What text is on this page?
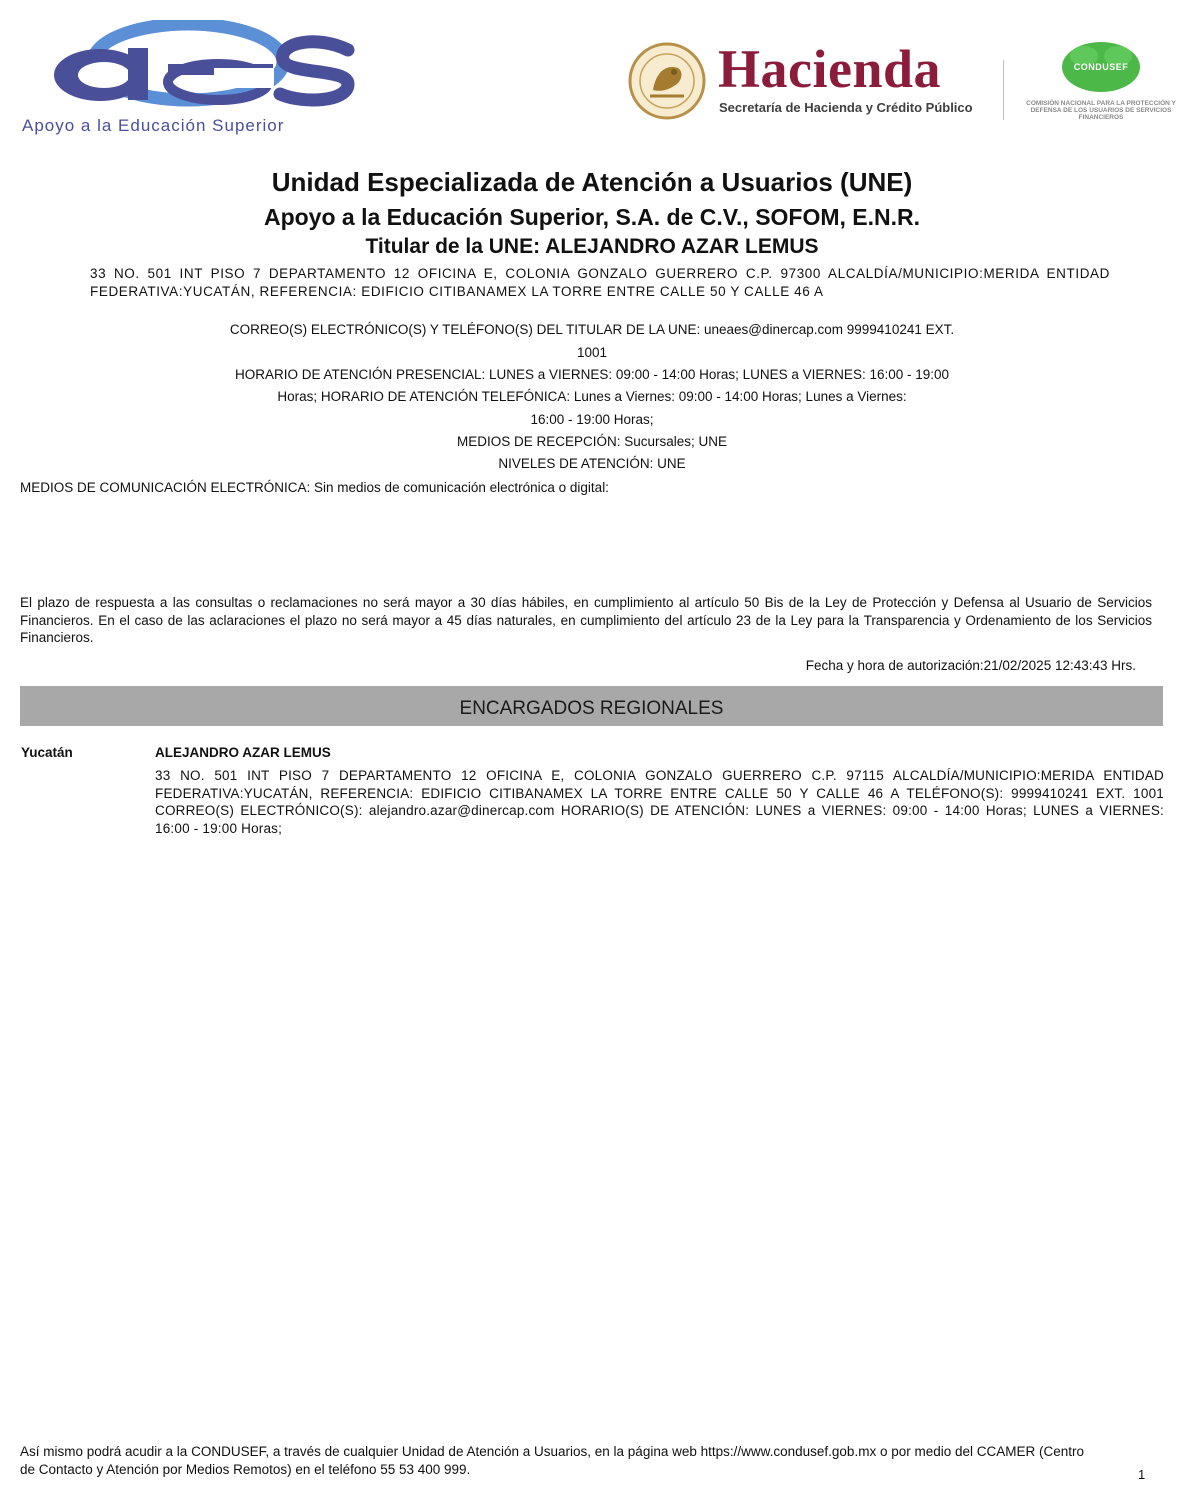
Apoyo a la Educación Superior
Hacienda
Secretaría de Hacienda y Crédito Público
CONDUSEF
COMISIÓN NACIONAL PARA LA PROTECCIÓN Y DEFENSA DE LOS USUARIOS DE SERVICIOS FINANCIEROS
Unidad Especializada de Atención a Usuarios (UNE)
Apoyo a la Educación Superior, S.A. de C.V., SOFOM, E.N.R.
Titular de la UNE: ALEJANDRO AZAR LEMUS
33 NO. 501 INT PISO 7 DEPARTAMENTO 12 OFICINA E, COLONIA GONZALO GUERRERO C.P. 97300 ALCALDÍA/MUNICIPIO:MERIDA ENTIDAD FEDERATIVA:YUCATÁN, REFERENCIA: EDIFICIO CITIBANAMEX LA TORRE ENTRE CALLE 50 Y CALLE 46 A
CORREO(S) ELECTRÓNICO(S) Y TELÉFONO(S) DEL TITULAR DE LA UNE: uneaes@dinercap.com 9999410241 EXT.
1001
HORARIO DE ATENCIÓN PRESENCIAL: LUNES a VIERNES: 09:00 - 14:00 Horas; LUNES a VIERNES: 16:00 - 19:00
Horas; HORARIO DE ATENCIÓN TELEFÓNICA: Lunes a Viernes: 09:00 - 14:00 Horas; Lunes a Viernes:
16:00 - 19:00 Horas;
MEDIOS DE RECEPCIÓN: Sucursales; UNE
NIVELES DE ATENCIÓN: UNE
MEDIOS DE COMUNICACIÓN ELECTRÓNICA: Sin medios de comunicación electrónica o digital:
El plazo de respuesta a las consultas o reclamaciones no será mayor a 30 días hábiles, en cumplimiento al artículo 50 Bis de la Ley de Protección y Defensa al Usuario de Servicios Financieros. En el caso de las aclaraciones el plazo no será mayor a 45 días naturales, en cumplimiento del artículo 23 de la Ley para la Transparencia y Ordenamiento de los Servicios Financieros.
Fecha y hora de autorización:21/02/2025 12:43:43 Hrs.
ENCARGADOS REGIONALES
Yucatán	ALEJANDRO AZAR LEMUS
33 NO. 501 INT PISO 7 DEPARTAMENTO 12 OFICINA E, COLONIA GONZALO GUERRERO C.P. 97115 ALCALDÍA/MUNICIPIO:MERIDA ENTIDAD FEDERATIVA:YUCATÁN, REFERENCIA: EDIFICIO CITIBANAMEX LA TORRE ENTRE CALLE 50 Y CALLE 46 A TELÉFONO(S): 9999410241 EXT. 1001 CORREO(S) ELECTRÓNICO(S): alejandro.azar@dinercap.com HORARIO(S) DE ATENCIÓN: LUNES a VIERNES: 09:00 - 14:00 Horas; LUNES a VIERNES: 16:00 - 19:00 Horas;
Así mismo podrá acudir a la CONDUSEF, a través de cualquier Unidad de Atención a Usuarios, en la página web https://www.condusef.gob.mx o por medio del CCAMER (Centro de Contacto y Atención por Medios Remotos) en el teléfono 55 53 400 999.	1
